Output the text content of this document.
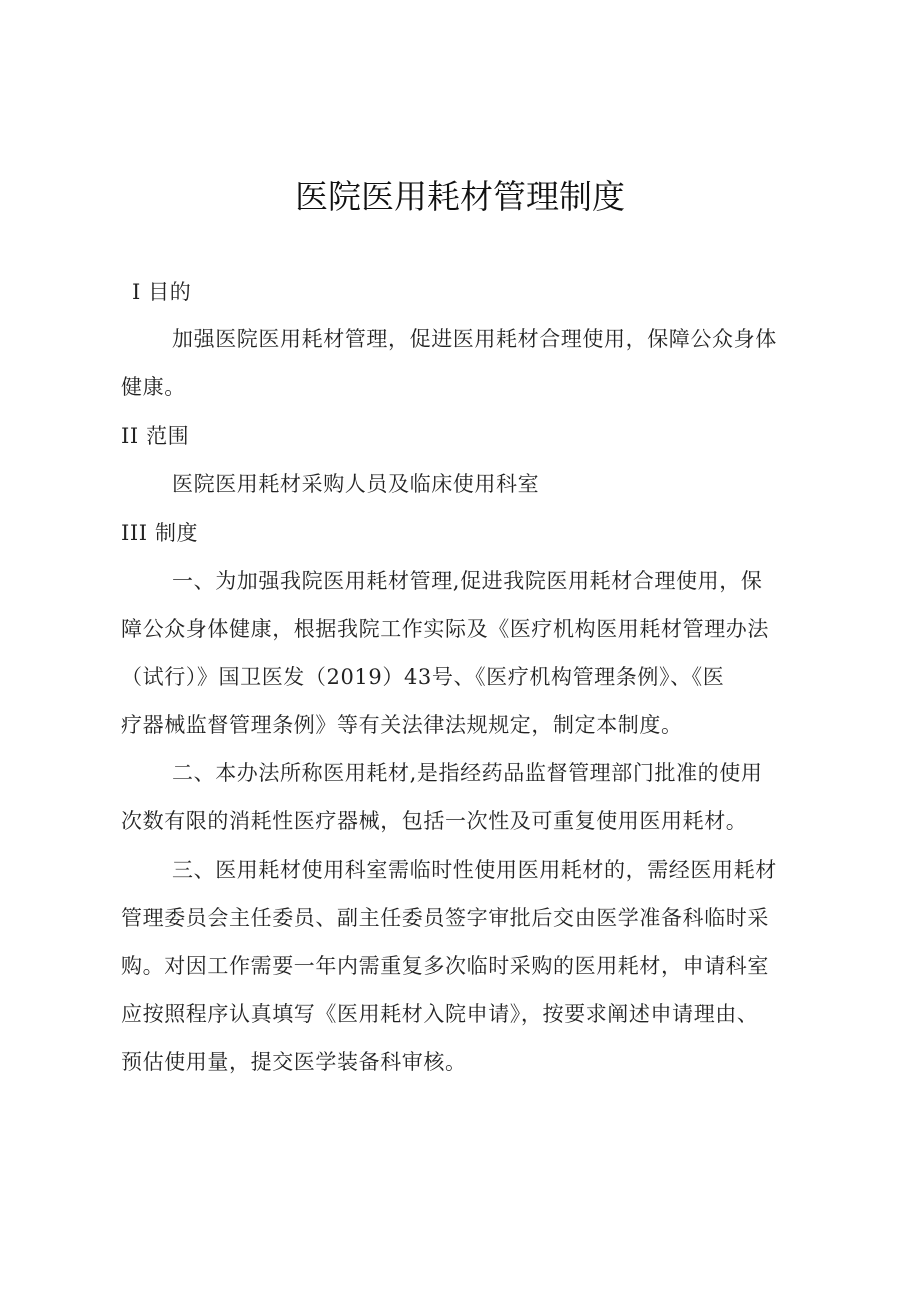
医院医用耗材管理制度
I 目的
加强医院医用耗材管理，促进医用耗材合理使用，保障公众身体
健康。
II 范围
医院医用耗材采购人员及临床使用科室
III 制度
一、为加强我院医用耗材管理,促进我院医用耗材合理使用，保
障公众身体健康，根据我院工作实际及《医疗机构医用耗材管理办法
（试行）》国卫医发（2019）43号、《医疗机构管理条例》、《医
疗器械监督管理条例》等有关法律法规规定，制定本制度。
二、本办法所称医用耗材,是指经药品监督管理部门批准的使用
次数有限的消耗性医疗器械，包括一次性及可重复使用医用耗材。
三、医用耗材使用科室需临时性使用医用耗材的，需经医用耗材
管理委员会主任委员、副主任委员签字审批后交由医学准备科临时采
购。对因工作需要一年内需重复多次临时采购的医用耗材，申请科室
应按照程序认真填写《医用耗材入院申请》，按要求阐述申请理由、
预估使用量，提交医学装备科审核。
